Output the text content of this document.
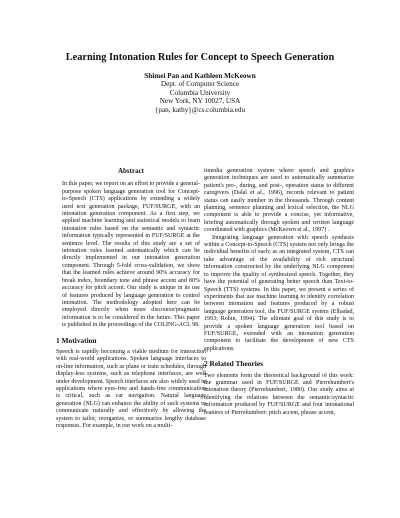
Learning Intonation Rules for Concept to Speech Generation
Shimei Pan and Kathleen McKeown
Dept. of Computer Science
Columbia University
New York, NY 10027, USA
{pan, kathy}@cs.columbia.edu
Abstract

In this paper, we report on an effort to provide a general-purpose spoken language generation tool for Concept-to-Speech (CTS) applications by extending a widely used text generation package, FUF/SURGE, with an intonation generation component. As a first step, we applied machine learning and statistical models to learn intonation rules based on the semantic and syntactic information typically represented in FUF/SURGE at the sentence level. The results of this study are a set of intonation rules learned automatically which can be directly implemented in our intonation generation component. Through 5-fold cross-validation, we show that the learned rules achieve around 90% accuracy for break index, boundary tone and phrase accent and 80% accuracy for pitch accent. Our study is unique in its use of features produced by language generation to control intonation. The methodology adopted here can be employed directly when more discourse/pragmatic information is to be considered in the future. This paper is published in the proceedings of the COLING-ACL 98.

1 Motivation

Speech is rapidly becoming a viable medium for interaction with real-world applications. Spoken language interfaces to on-line information, such as plane or train schedules, through display-less systems, such as telephone interfaces, are well under development. Speech interfaces are also widely used in applications where eyes-free and hands-free communication is critical, such as car navigation. Natural language generation (NLG) can enhance the ability of such systems to communicate naturally and effectively by allowing the system to tailor, reorganize, or summarize lengthy database responses. For example, in our work on a multi-

timedia generation system where speech and graphics generation techniques are used to automatically summarize patient's pre-, during, and post-, operation status to different caregivers (Dalal et al., 1996), records relevant to patient status can easily number in the thousands. Through content planning, sentence planning and lexical selection, the NLG component is able to provide a concise, yet informative, briefing automatically through spoken and written language coordinated with graphics (McKeown et al., 1997) .

Integrating language generation with speech synthesis within a Concept-to-Speech (CTS) system not only brings the individual benefits of each; as an integrated system, CTS can take advantage of the availability of rich structural information constructed by the underlying NLG component to improve the quality of synthesized speech. Together, they have the potential of generating better speech than Text-to-Speech (TTS) systems. In this paper, we present a series of experiments that use machine learning to identify correlation between intonation and features produced by a robust language generation tool, the FUF/SURGE system (Elhadad, 1993; Robin, 1994). The ultimate goal of this study is to provide a spoken language generation tool based on FUF/SURGE, extended with an intonation generation component to facilitate the development of new CTS applications.

2 Related Theories

Two elements form the theoretical background of this work: the grammar used in FUF/SURGE and Pierrehumbert's intonation theory (Pierrehumbert, 1980). Our study aims at identifying the relations between the semantic/syntactic information produced by FUF/SURGE and four intonational features of Pierrehumbert: pitch accent, phrase accent,
